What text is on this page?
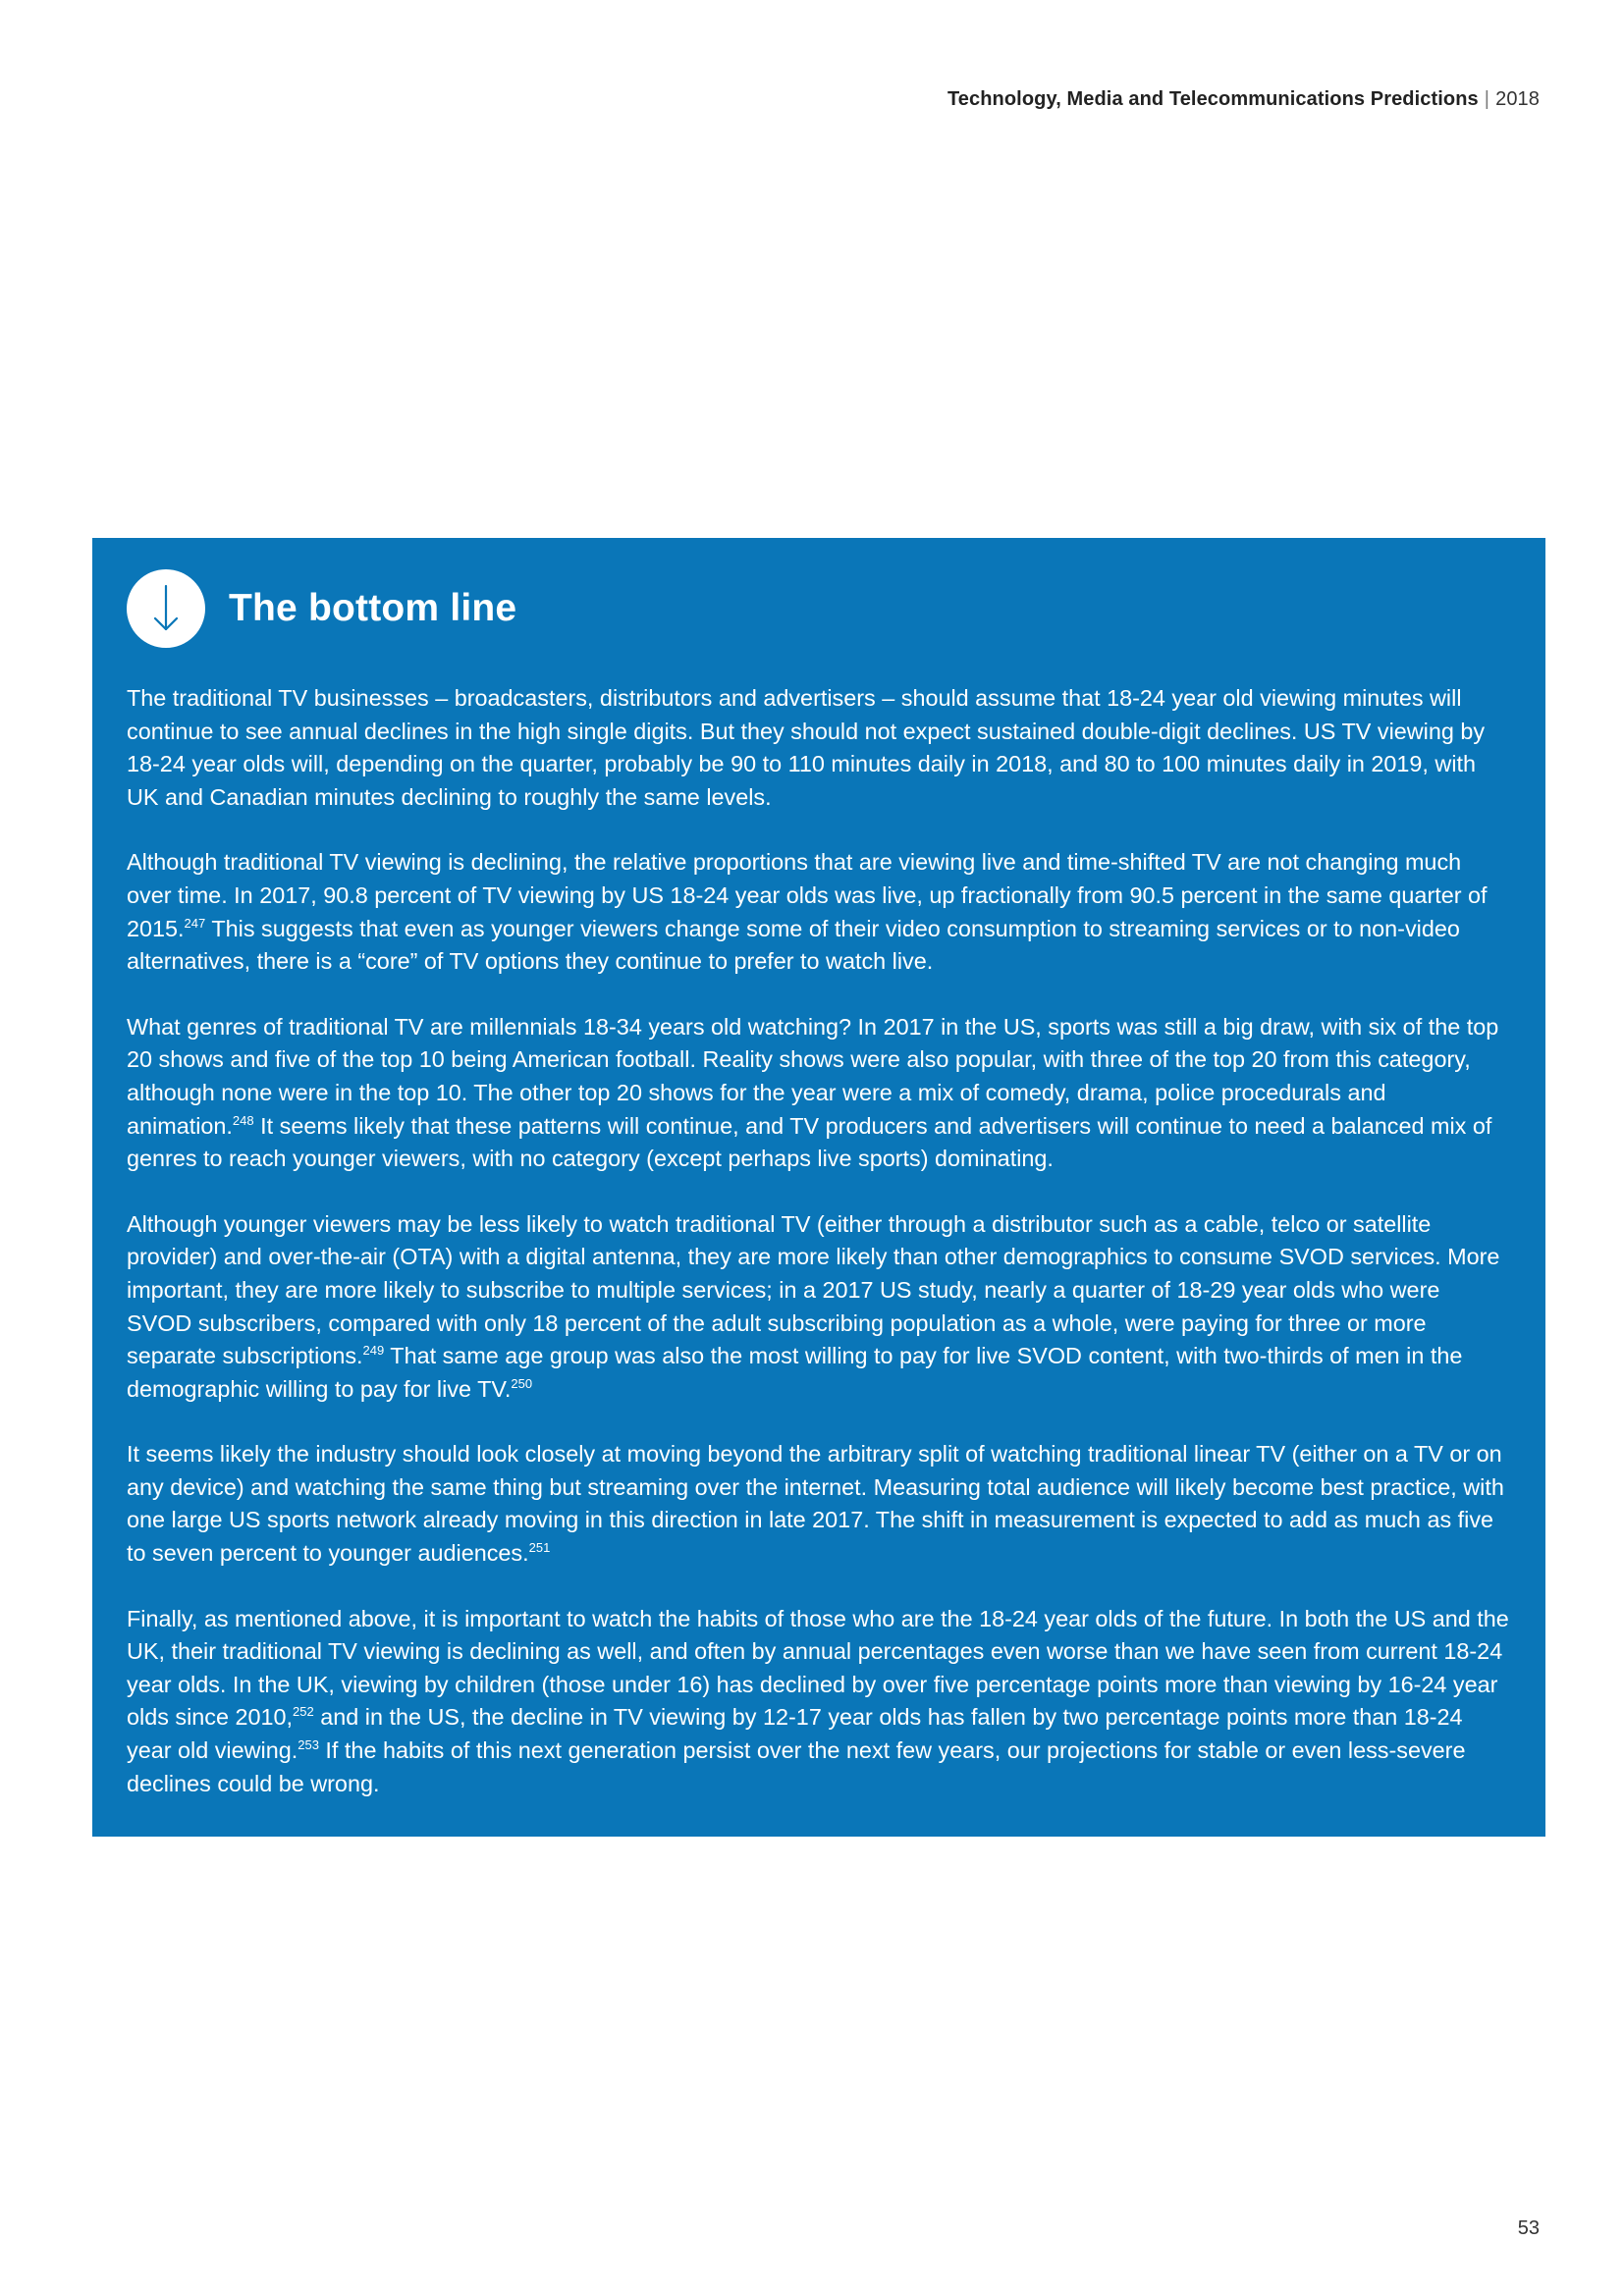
Technology, Media and Telecommunications Predictions | 2018
The bottom line

The traditional TV businesses – broadcasters, distributors and advertisers – should assume that 18-24 year old viewing minutes will continue to see annual declines in the high single digits. But they should not expect sustained double-digit declines. US TV viewing by 18-24 year olds will, depending on the quarter, probably be 90 to 110 minutes daily in 2018, and 80 to 100 minutes daily in 2019, with UK and Canadian minutes declining to roughly the same levels.

Although traditional TV viewing is declining, the relative proportions that are viewing live and time-shifted TV are not changing much over time. In 2017, 90.8 percent of TV viewing by US 18-24 year olds was live, up fractionally from 90.5 percent in the same quarter of 2015.$^{247}$ This suggests that even as younger viewers change some of their video consumption to streaming services or to non-video alternatives, there is a “core” of TV options they continue to prefer to watch live.

What genres of traditional TV are millennials 18-34 years old watching? In 2017 in the US, sports was still a big draw, with six of the top 20 shows and five of the top 10 being American football. Reality shows were also popular, with three of the top 20 from this category, although none were in the top 10. The other top 20 shows for the year were a mix of comedy, drama, police procedurals and animation.$^{248}$ It seems likely that these patterns will continue, and TV producers and advertisers will continue to need a balanced mix of genres to reach younger viewers, with no category (except perhaps live sports) dominating.

Although younger viewers may be less likely to watch traditional TV (either through a distributor such as a cable, telco or satellite provider) and over-the-air (OTA) with a digital antenna, they are more likely than other demographics to consume SVOD services. More important, they are more likely to subscribe to multiple services; in a 2017 US study, nearly a quarter of 18-29 year olds who were SVOD subscribers, compared with only 18 percent of the adult subscribing population as a whole, were paying for three or more separate subscriptions.$^{249}$ That same age group was also the most willing to pay for live SVOD content, with two-thirds of men in the demographic willing to pay for live TV.$^{250}$

It seems likely the industry should look closely at moving beyond the arbitrary split of watching traditional linear TV (either on a TV or on any device) and watching the same thing but streaming over the internet. Measuring total audience will likely become best practice, with one large US sports network already moving in this direction in late 2017. The shift in measurement is expected to add as much as five to seven percent to younger audiences.$^{251}$

Finally, as mentioned above, it is important to watch the habits of those who are the 18-24 year olds of the future. In both the US and the UK, their traditional TV viewing is declining as well, and often by annual percentages even worse than we have seen from current 18-24 year olds. In the UK, viewing by children (those under 16) has declined by over five percentage points more than viewing by 16-24 year olds since 2010,$^{252}$ and in the US, the decline in TV viewing by 12-17 year olds has fallen by two percentage points more than 18-24 year old viewing.$^{253}$ If the habits of this next generation persist over the next few years, our projections for stable or even less-severe declines could be wrong.

53
